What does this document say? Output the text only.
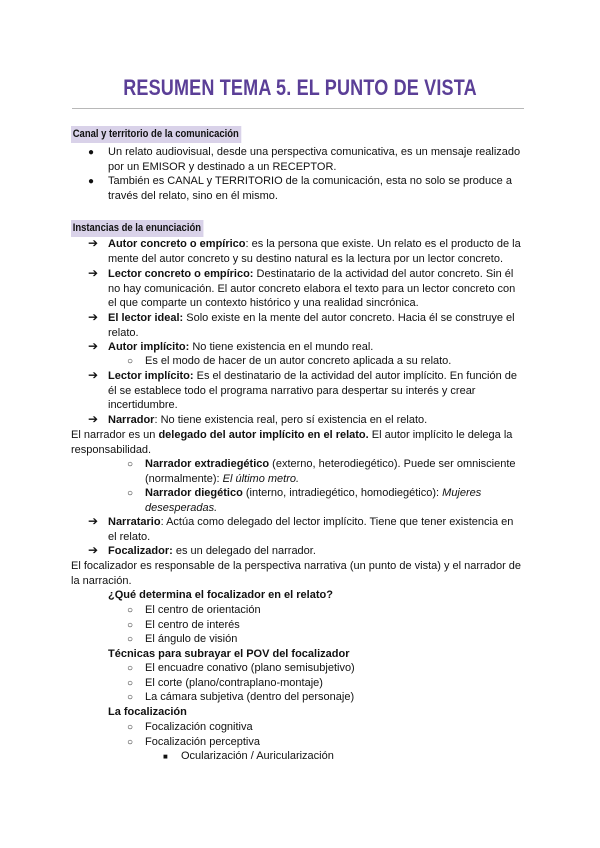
RESUMEN TEMA 5. EL PUNTO DE VISTA
Canal y territorio de la comunicación
● Un relato audiovisual, desde una perspectiva comunicativa, es un mensaje realizado
por un EMISOR y destinado a un RECEPTOR.
● También es CANAL y TERRITORIO de la comunicación, esta no solo se produce a
través del relato, sino en él mismo.
Instancias de la enunciación
➔ Autor concreto o empírico: es la persona que existe. Un relato es el producto de la
mente del autor concreto y su destino natural es la lectura por un lector concreto.
➔ Lector concreto o empírico: Destinatario de la actividad del autor concreto. Sin él
no hay comunicación. El autor concreto elabora el texto para un lector concreto con
el que comparte un contexto histórico y una realidad sincrónica.
➔ El lector ideal: Solo existe en la mente del autor concreto. Hacia él se construye el
relato.
➔ Autor implícito: No tiene existencia en el mundo real.
○ Es el modo de hacer de un autor concreto aplicada a su relato.
➔ Lector implícito: Es el destinatario de la actividad del autor implícito. En función de
él se establece todo el programa narrativo para despertar su interés y crear
incertidumbre.
➔ Narrador: No tiene existencia real, pero sí existencia en el relato.
El narrador es un delegado del autor implícito en el relato. El autor implícito le delega la
responsabilidad.
○ Narrador extradiegético (externo, heterodiegético). Puede ser omnisciente
(normalmente): El último metro.
○ Narrador diegético (interno, intradiegético, homodiegético): Mujeres
desesperadas.
➔ Narratario: Actúa como delegado del lector implícito. Tiene que tener existencia en
el relato.
➔ Focalizador: es un delegado del narrador.
El focalizador es responsable de la perspectiva narrativa (un punto de vista) y el narrador de
la narración.
¿Qué determina el focalizador en el relato?
○ El centro de orientación
○ El centro de interés
○ El ángulo de visión
Técnicas para subrayar el POV del focalizador
○ El encuadre conativo (plano semisubjetivo)
○ El corte (plano/contraplano-montaje)
○ La cámara subjetiva (dentro del personaje)
La focalización
○ Focalización cognitiva
○ Focalización perceptiva
■ Ocularización / Auricularización
